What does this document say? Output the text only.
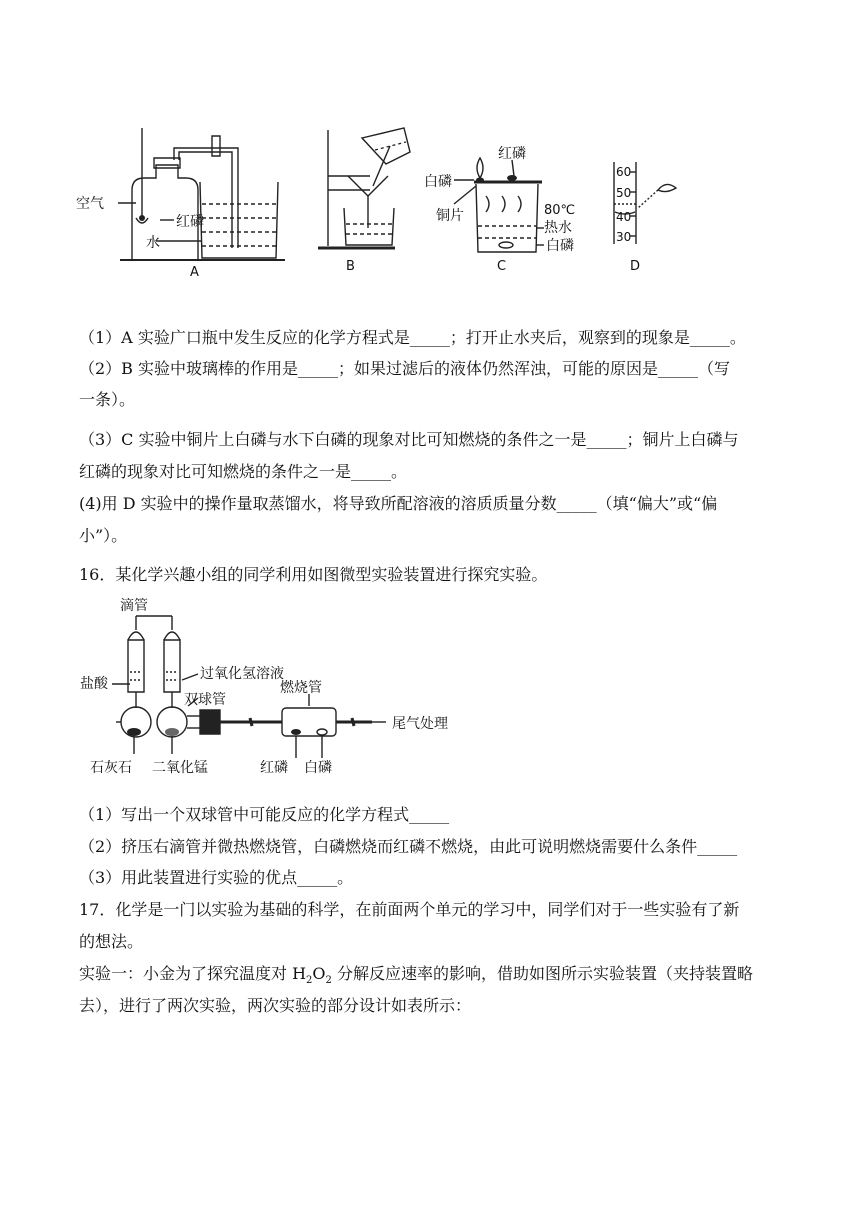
空气
红磷
水
白磷
红磷
铜片	80℃
热水
白磷
60
50
40
30
A	B	C	D
（1）A 实验广口瓶中发生反应的化学方程式是_____；打开止水夹后，观察到的现象是_____。
（2）B 实验中玻璃棒的作用是_____；如果过滤后的液体仍然浑浊，可能的原因是_____（写
一条）。
（3）C 实验中铜片上白磷与水下白磷的现象对比可知燃烧的条件之一是_____；铜片上白磷与
红磷的现象对比可知燃烧的条件之一是_____。
(4)用 D 实验中的操作量取蒸馏水，将导致所配溶液的溶质质量分数_____（填“偏大”或“偏
小”）。
16．某化学兴趣小组的同学利用如图微型实验装置进行探究实验。
滴管
盐酸
过氧化氢溶液
双球管
燃烧管
尾气处理
石灰石 二氧化锰	红磷 白磷
（1）写出一个双球管中可能反应的化学方程式_____
（2）挤压右滴管并微热燃烧管，白磷燃烧而红磷不燃烧，由此可说明燃烧需要什么条件_____
（3）用此装置进行实验的优点_____。
17．化学是一门以实验为基础的科学，在前面两个单元的学习中，同学们对于一些实验有了新
的想法。
实验一：小金为了探究温度对 $H_2O_2$ 分解反应速率的影响，借助如图所示实验装置（夹持装置略
去），进行了两次实验，两次实验的部分设计如表所示：
